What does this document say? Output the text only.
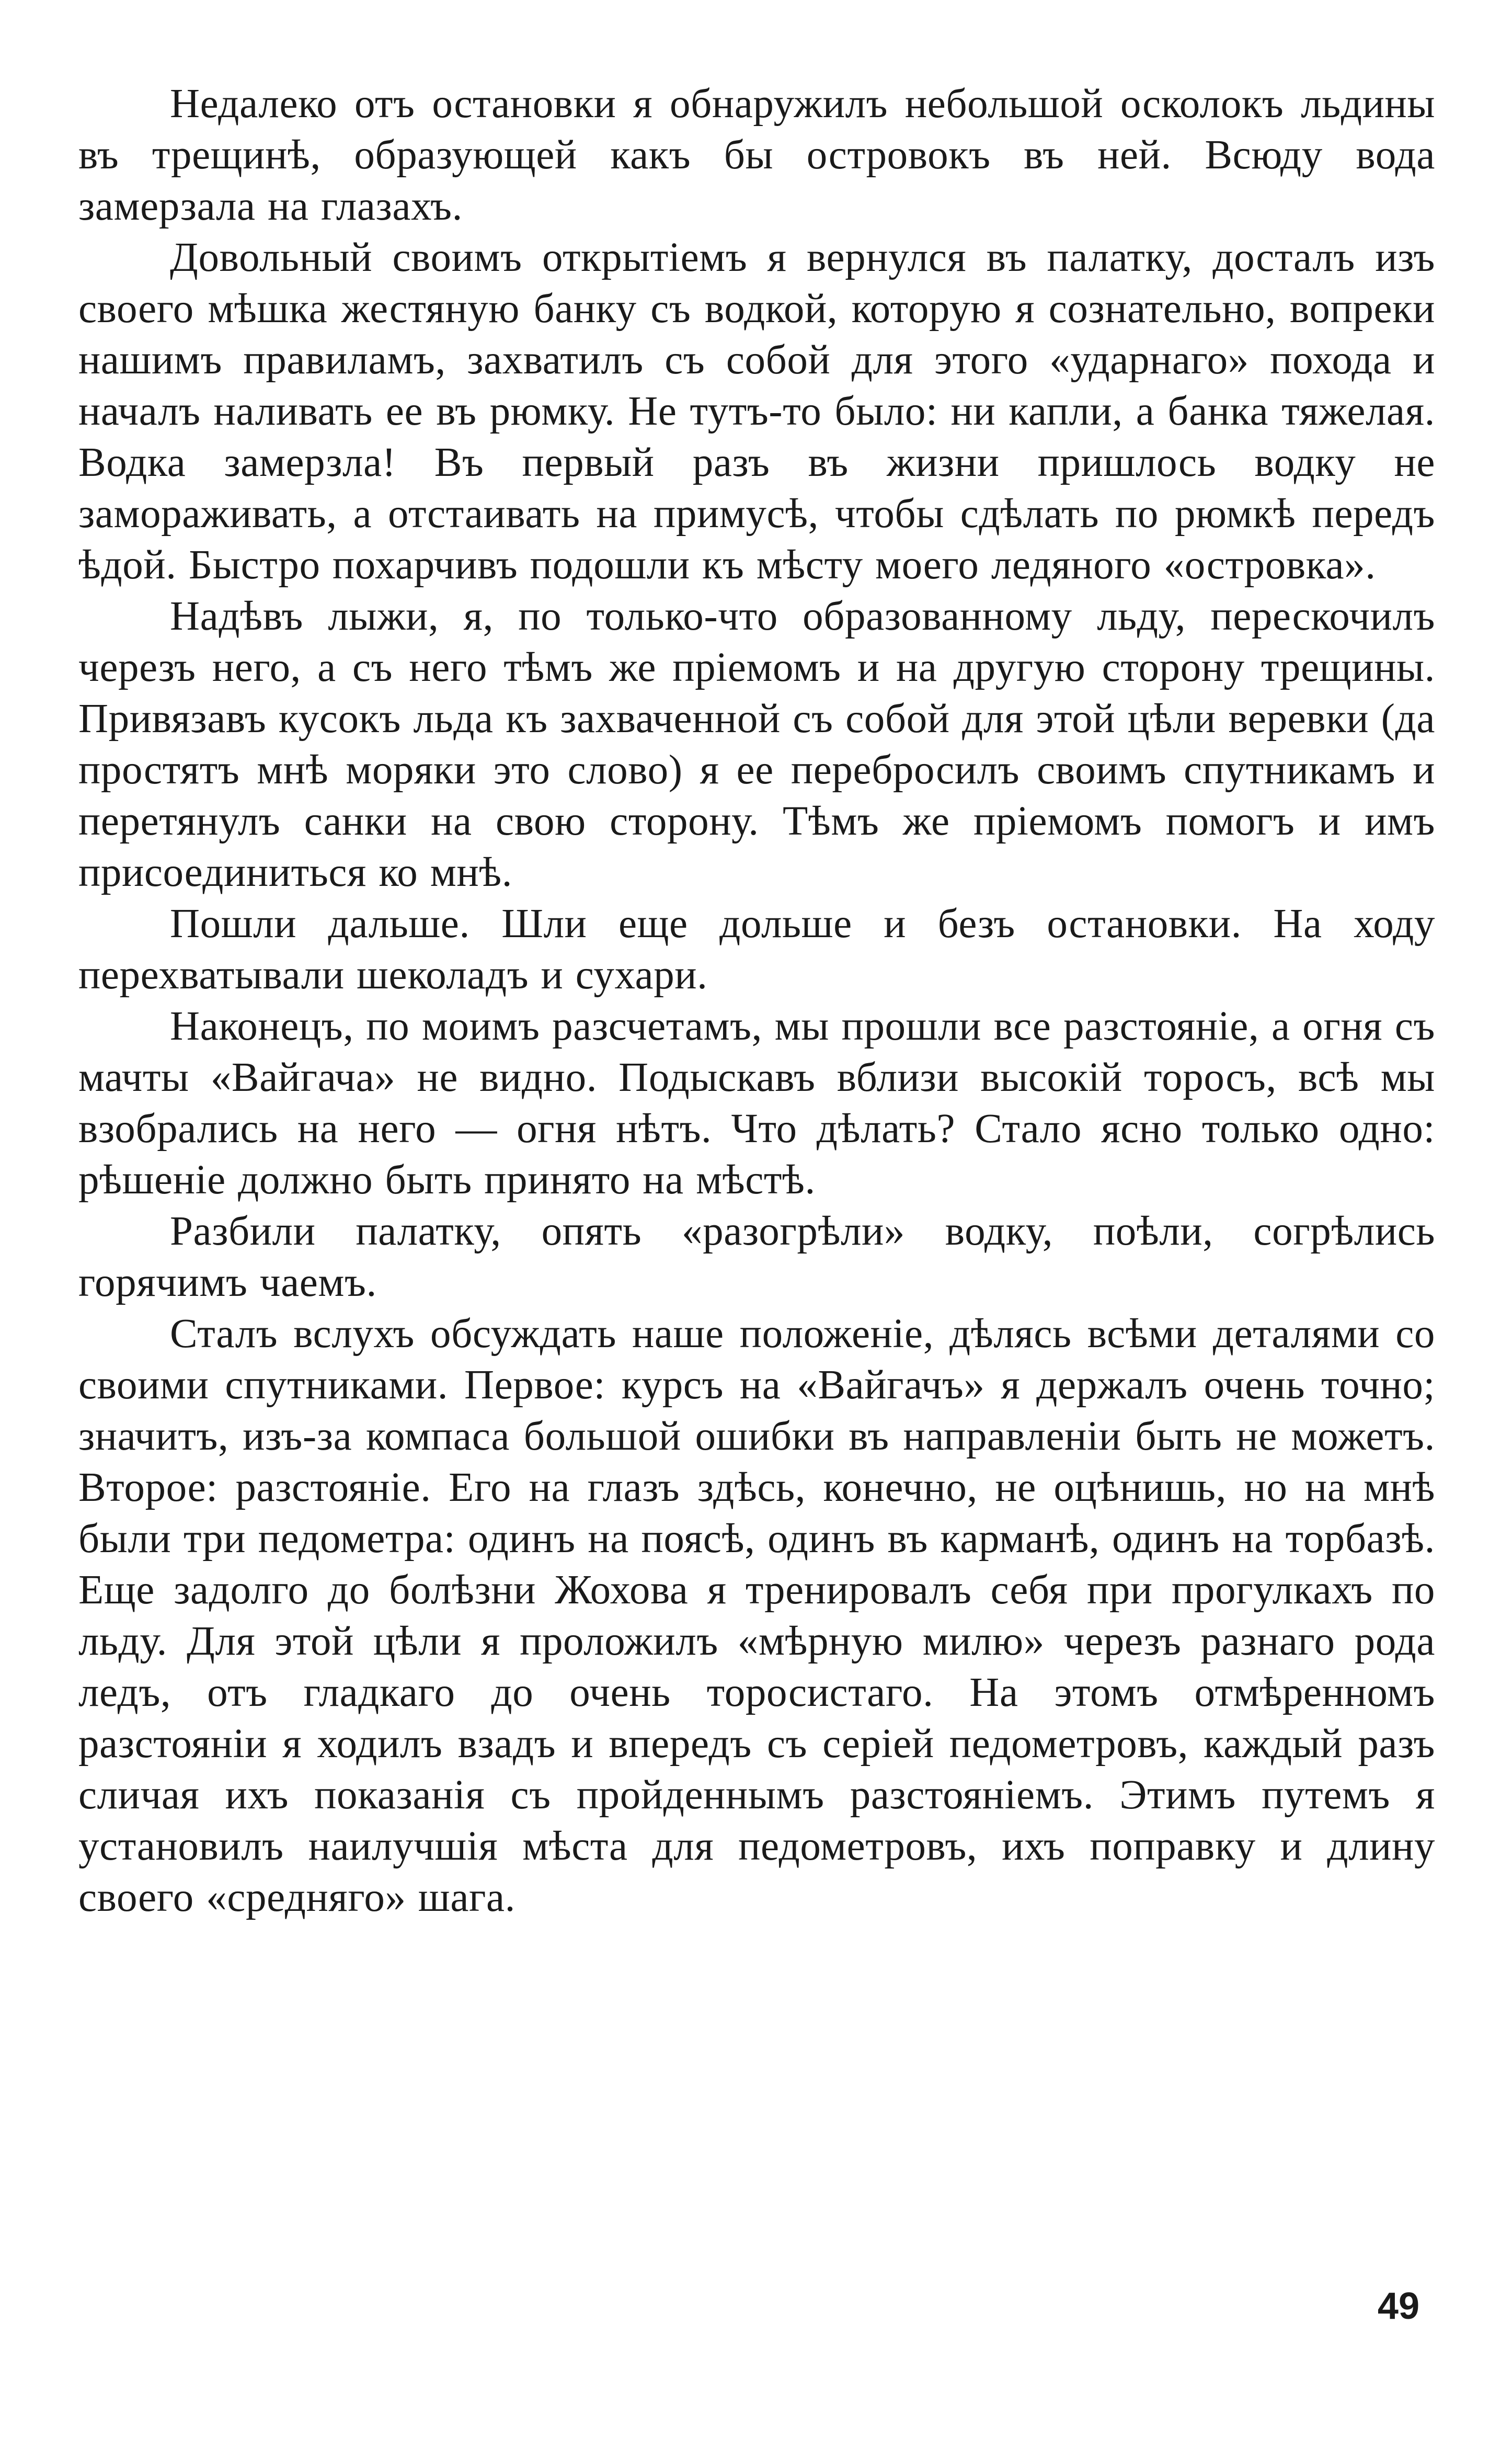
Недалеко отъ остановки я обнаружилъ небольшой осколокъ льдины въ трещинѣ, образующей какъ бы островокъ въ ней. Всюду вода замерзала на глазахъ.

Довольный своимъ открытіемъ я вернулся въ палатку, досталъ изъ своего мѣшка жестяную банку съ водкой, которую я сознательно, вопреки нашимъ правиламъ, захватилъ съ собой для этого «ударнаго» похода и началъ наливать ее въ рюмку. Не тутъ-то было: ни капли, а банка тяжелая. Водка замерзла! Въ первый разъ въ жизни пришлось водку не замораживать, а отстаивать на примусѣ, чтобы сдѣлать по рюмкѣ передъ ѣдой. Быстро похарчивъ подошли къ мѣсту моего ледяного «островка».

Надѣвъ лыжи, я, по только-что образованному льду, перескочилъ черезъ него, а съ него тѣмъ же пріемомъ и на другую сторону трещины. Привязавъ кусокъ льда къ захваченной съ собой для этой цѣли веревки (да простятъ мнѣ моряки это слово) я ее перебросилъ своимъ спутникамъ и перетянулъ санки на свою сторону. Тѣмъ же пріемомъ помогъ и имъ присоединиться ко мнѣ.

Пошли дальше. Шли еще дольше и безъ остановки. На ходу перехватывали шеколадъ и сухари.

Наконецъ, по моимъ разсчетамъ, мы прошли все разстояніе, а огня съ мачты «Вайгача» не видно. Подыскавъ вблизи высокій торосъ, всѣ мы взобрались на него — огня нѣтъ. Что дѣлать? Стало ясно только одно: рѣшеніе должно быть принято на мѣстѣ.

Разбили палатку, опять «разогрѣли» водку, поѣли, согрѣлись горячимъ чаемъ.

Сталъ вслухъ обсуждать наше положеніе, дѣлясь всѣми деталями со своими спутниками. Первое: курсъ на «Вайгачъ» я держалъ очень точно; значитъ, изъ-за компаса большой ошибки въ направленіи быть не можетъ. Второе: разстояніе. Его на глазъ здѣсь, конечно, не оцѣнишь, но на мнѣ были три педометра: одинъ на поясѣ, одинъ въ карманѣ, одинъ на торбазѣ. Еще задолго до болѣзни Жохова я тренировалъ себя при прогулкахъ по льду. Для этой цѣли я проложилъ «мѣрную милю» черезъ разнаго рода ледъ, отъ гладкаго до очень торосистаго. На этомъ отмѣренномъ разстояніи я ходилъ взадъ и впередъ съ серіей педометровъ, каждый разъ сличая ихъ показанія съ пройденнымъ разстояніемъ. Этимъ путемъ я установилъ наилучшія мѣста для педометровъ, ихъ поправку и длину своего «средняго» шага.

49
